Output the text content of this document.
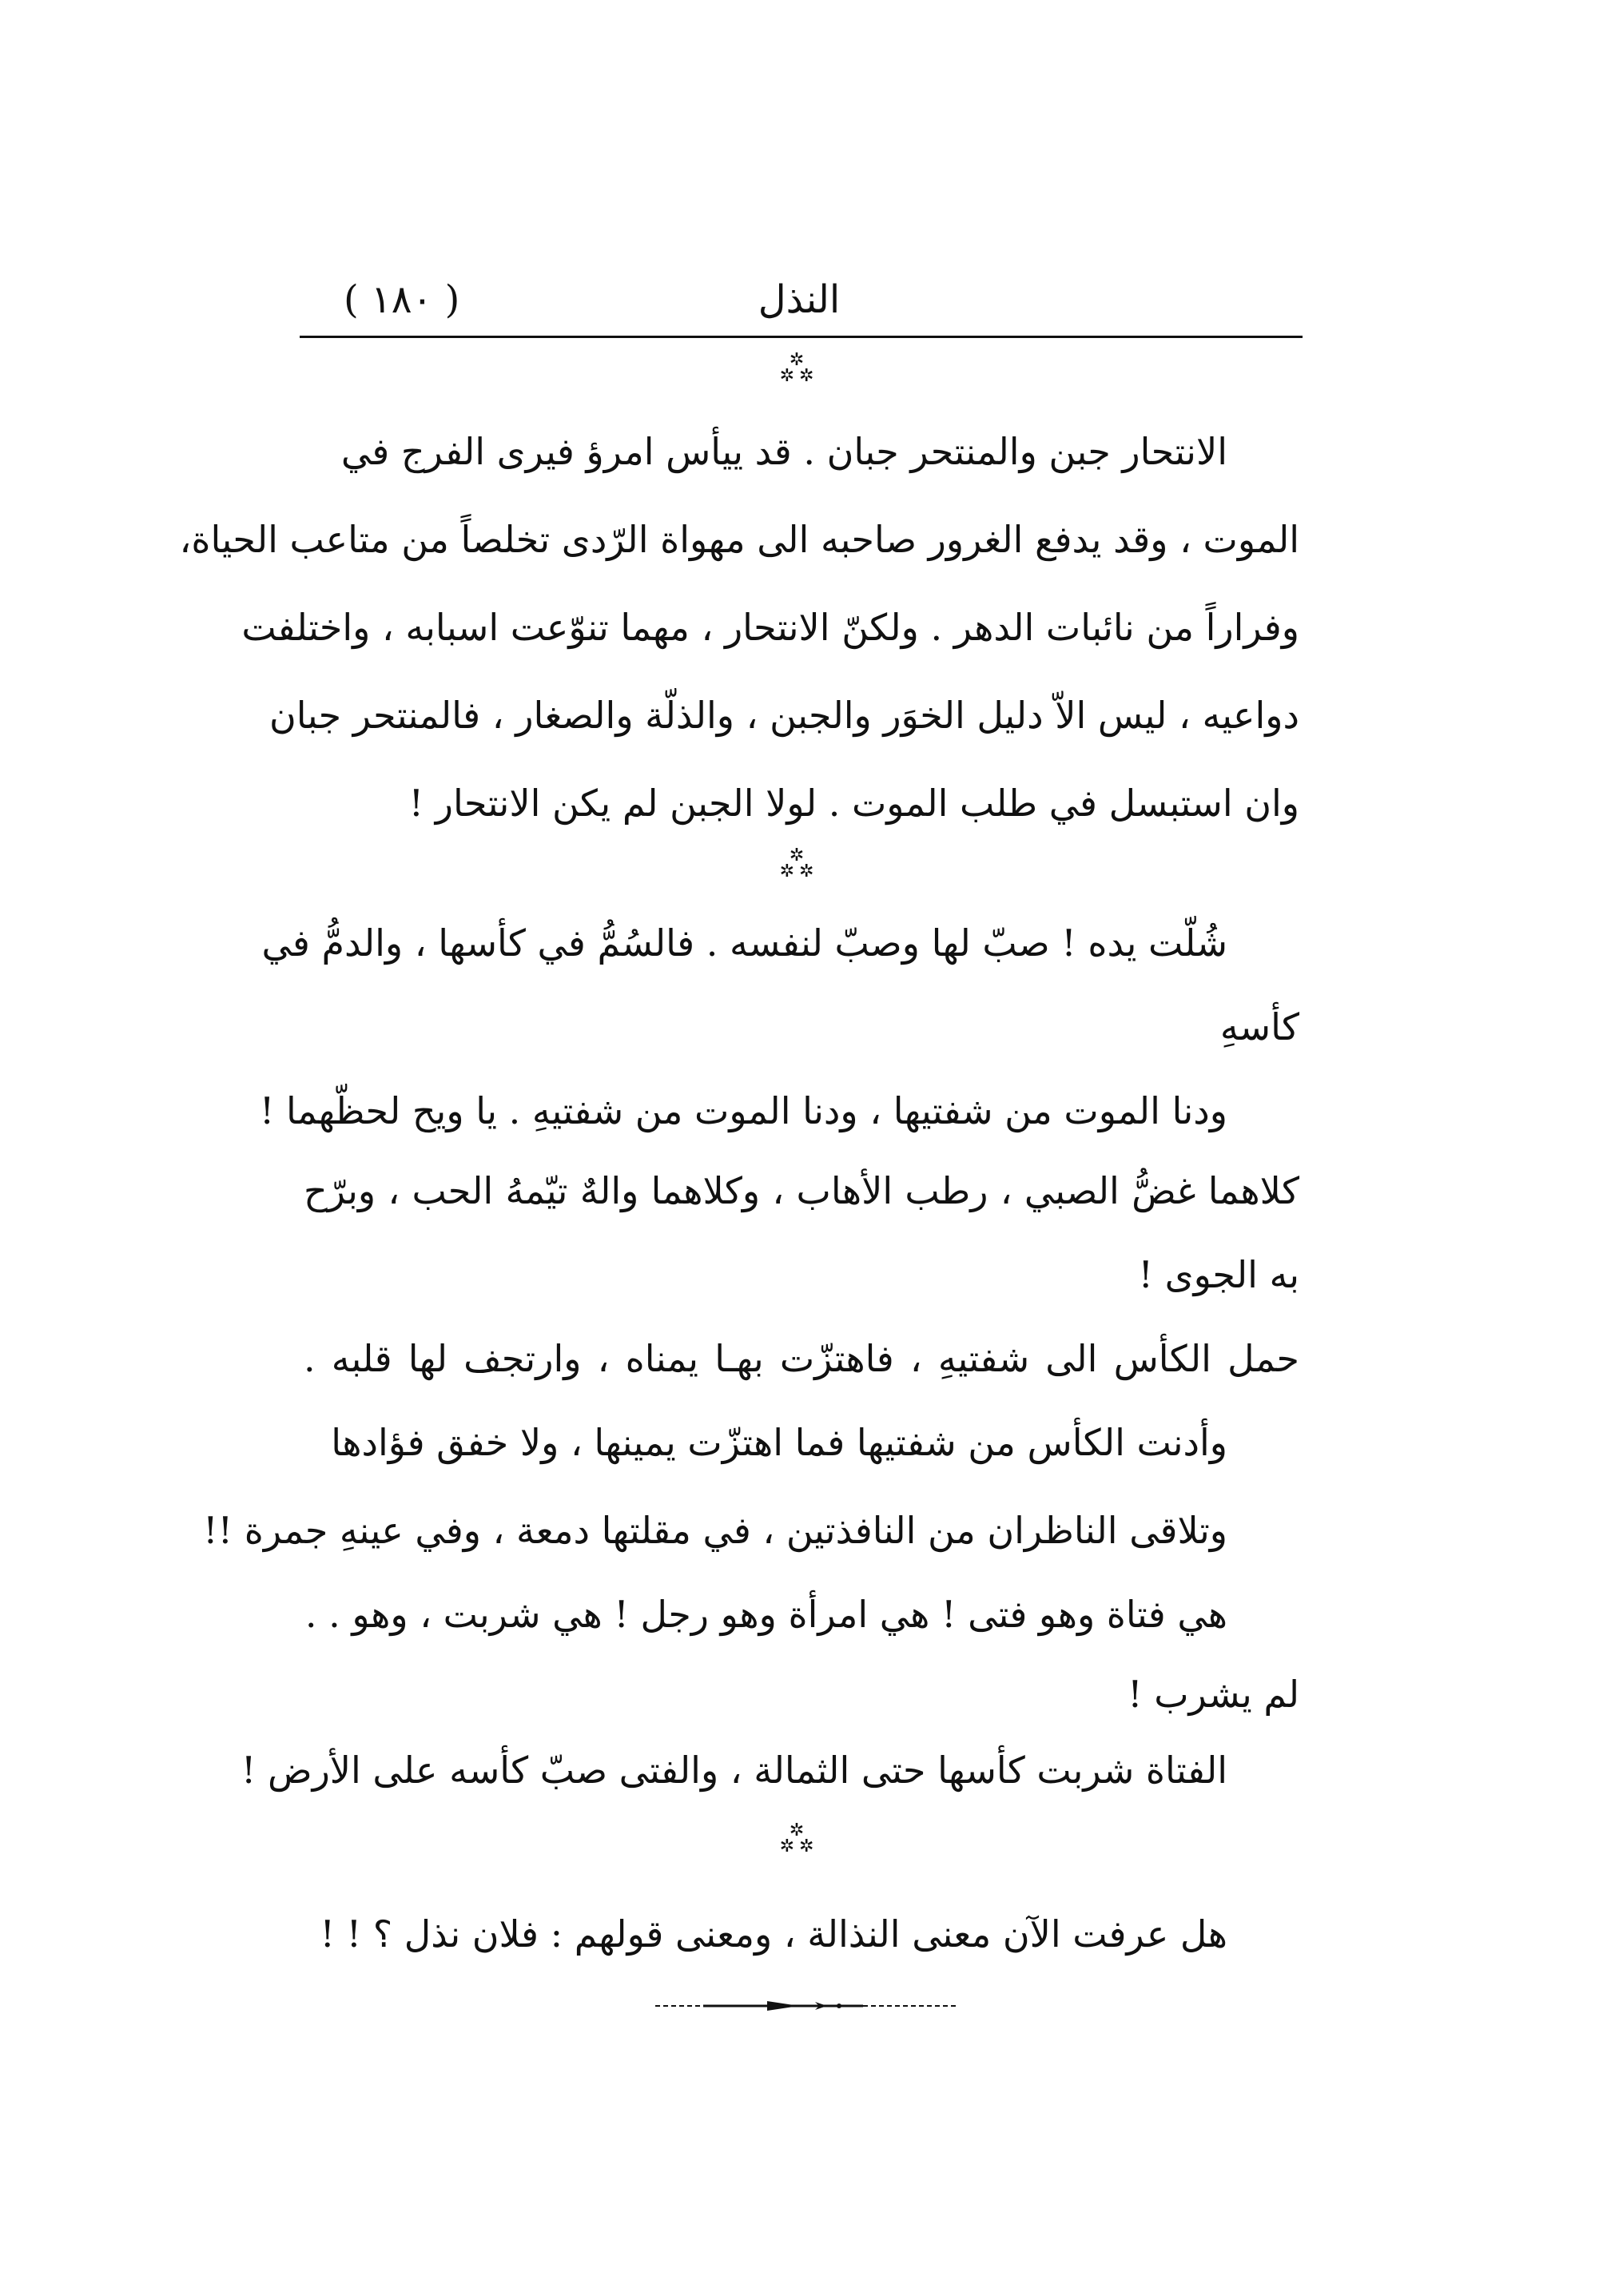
( ١٨٠ )	النذل
✲
✲✲
الانتحار جبن والمنتحر جبان . قد ييأس امرؤ فيرى الفرج في
الموت ، وقد يدفع الغرور صاحبه الى مهواة الرّدى تخلصاً من متاعب الحياة،
وفراراً من نائبات الدهر . ولكنّ الانتحار ، مهما تنوّعت اسبابه ، واختلفت
دواعيه ، ليس الاّ دليل الخوَر والجبن ، والذلّة والصغار ، فالمنتحر جبان
وان استبسل في طلب الموت . لولا الجبن لم يكن الانتحار !
✲
✲✲
شُلّت يده ! صبّ لها وصبّ لنفسه . فالسُمُّ في كأسها ، والدمُّ في
كأسهِ
ودنا الموت من شفتيها ، ودنا الموت من شفتيهِ . يا ويح لحظّهما !
كلاهما غضُّ الصبي ، رطب الأهاب ، وكلاهما والهٌ تيّمهُ الحب ، وبرّح
به الجوى !
حمل الكأس الى شفتيهِ ، فاهتزّت بهـا يمناه ، وارتجف لها قلبه .
وأدنت الكأس من شفتيها فما اهتزّت يمينها ، ولا خفق فؤادها
وتلاقى الناظران من النافذتين ، في مقلتها دمعة ، وفي عينهِ جمرة !!
هي فتاة وهو فتى ! هي امرأة وهو رجل ! هي شربت ، وهو . .
لم يشرب !
الفتاة شربت كأسها حتى الثمالة ، والفتى صبّ كأسه على الأرض !
✲
✲✲
هل عرفت الآن معنى النذالة ، ومعنى قولهم : فلان نذل ؟ ! !
